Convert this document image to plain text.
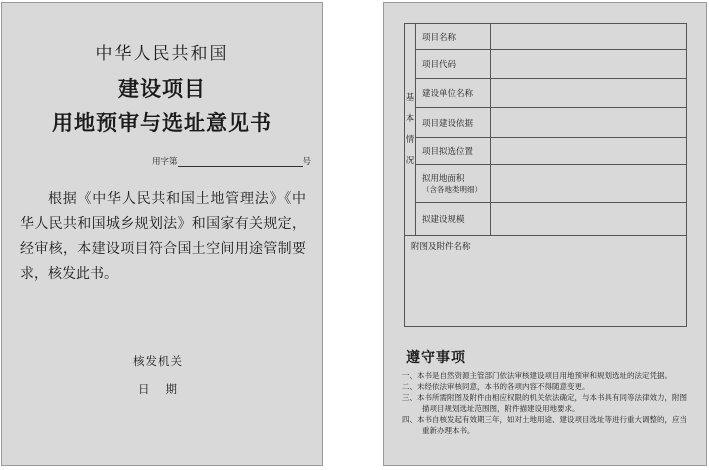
中华人民共和国
建设项目
用地预审与选址意见书
用字第	号
根据《中华人民共和国土地管理法》《中华人民共和国城乡规划法》和国家有关规定，经审核，本建设项目符合国土空间用途管制要求，核发此书。
核发机关
日期
基
本
情
况	项目名称	
	项目代码	
	建设单位名称	
	项目建设依据	
	项目拟选位置	

	拟用地面积
（含各地类明细）	

	拟建设规模	
附图及附件名称		
遵守事项
一、本书是自然资源主管部门依法审核建设项目用地预审和规划选址的法定凭据。
二、未经依法审核同意，本书的各项内容不得随意变更。
三、本书所需附图及附件由相应权限的机关依法确定，与本书具有同等法律效力，附图描项目规划选址范围图，附件描建设用地要求。
四、本书自核发起有效期三年，如对土地用途、建设项目选址等进行重大调整的，应当重新办理本书。
